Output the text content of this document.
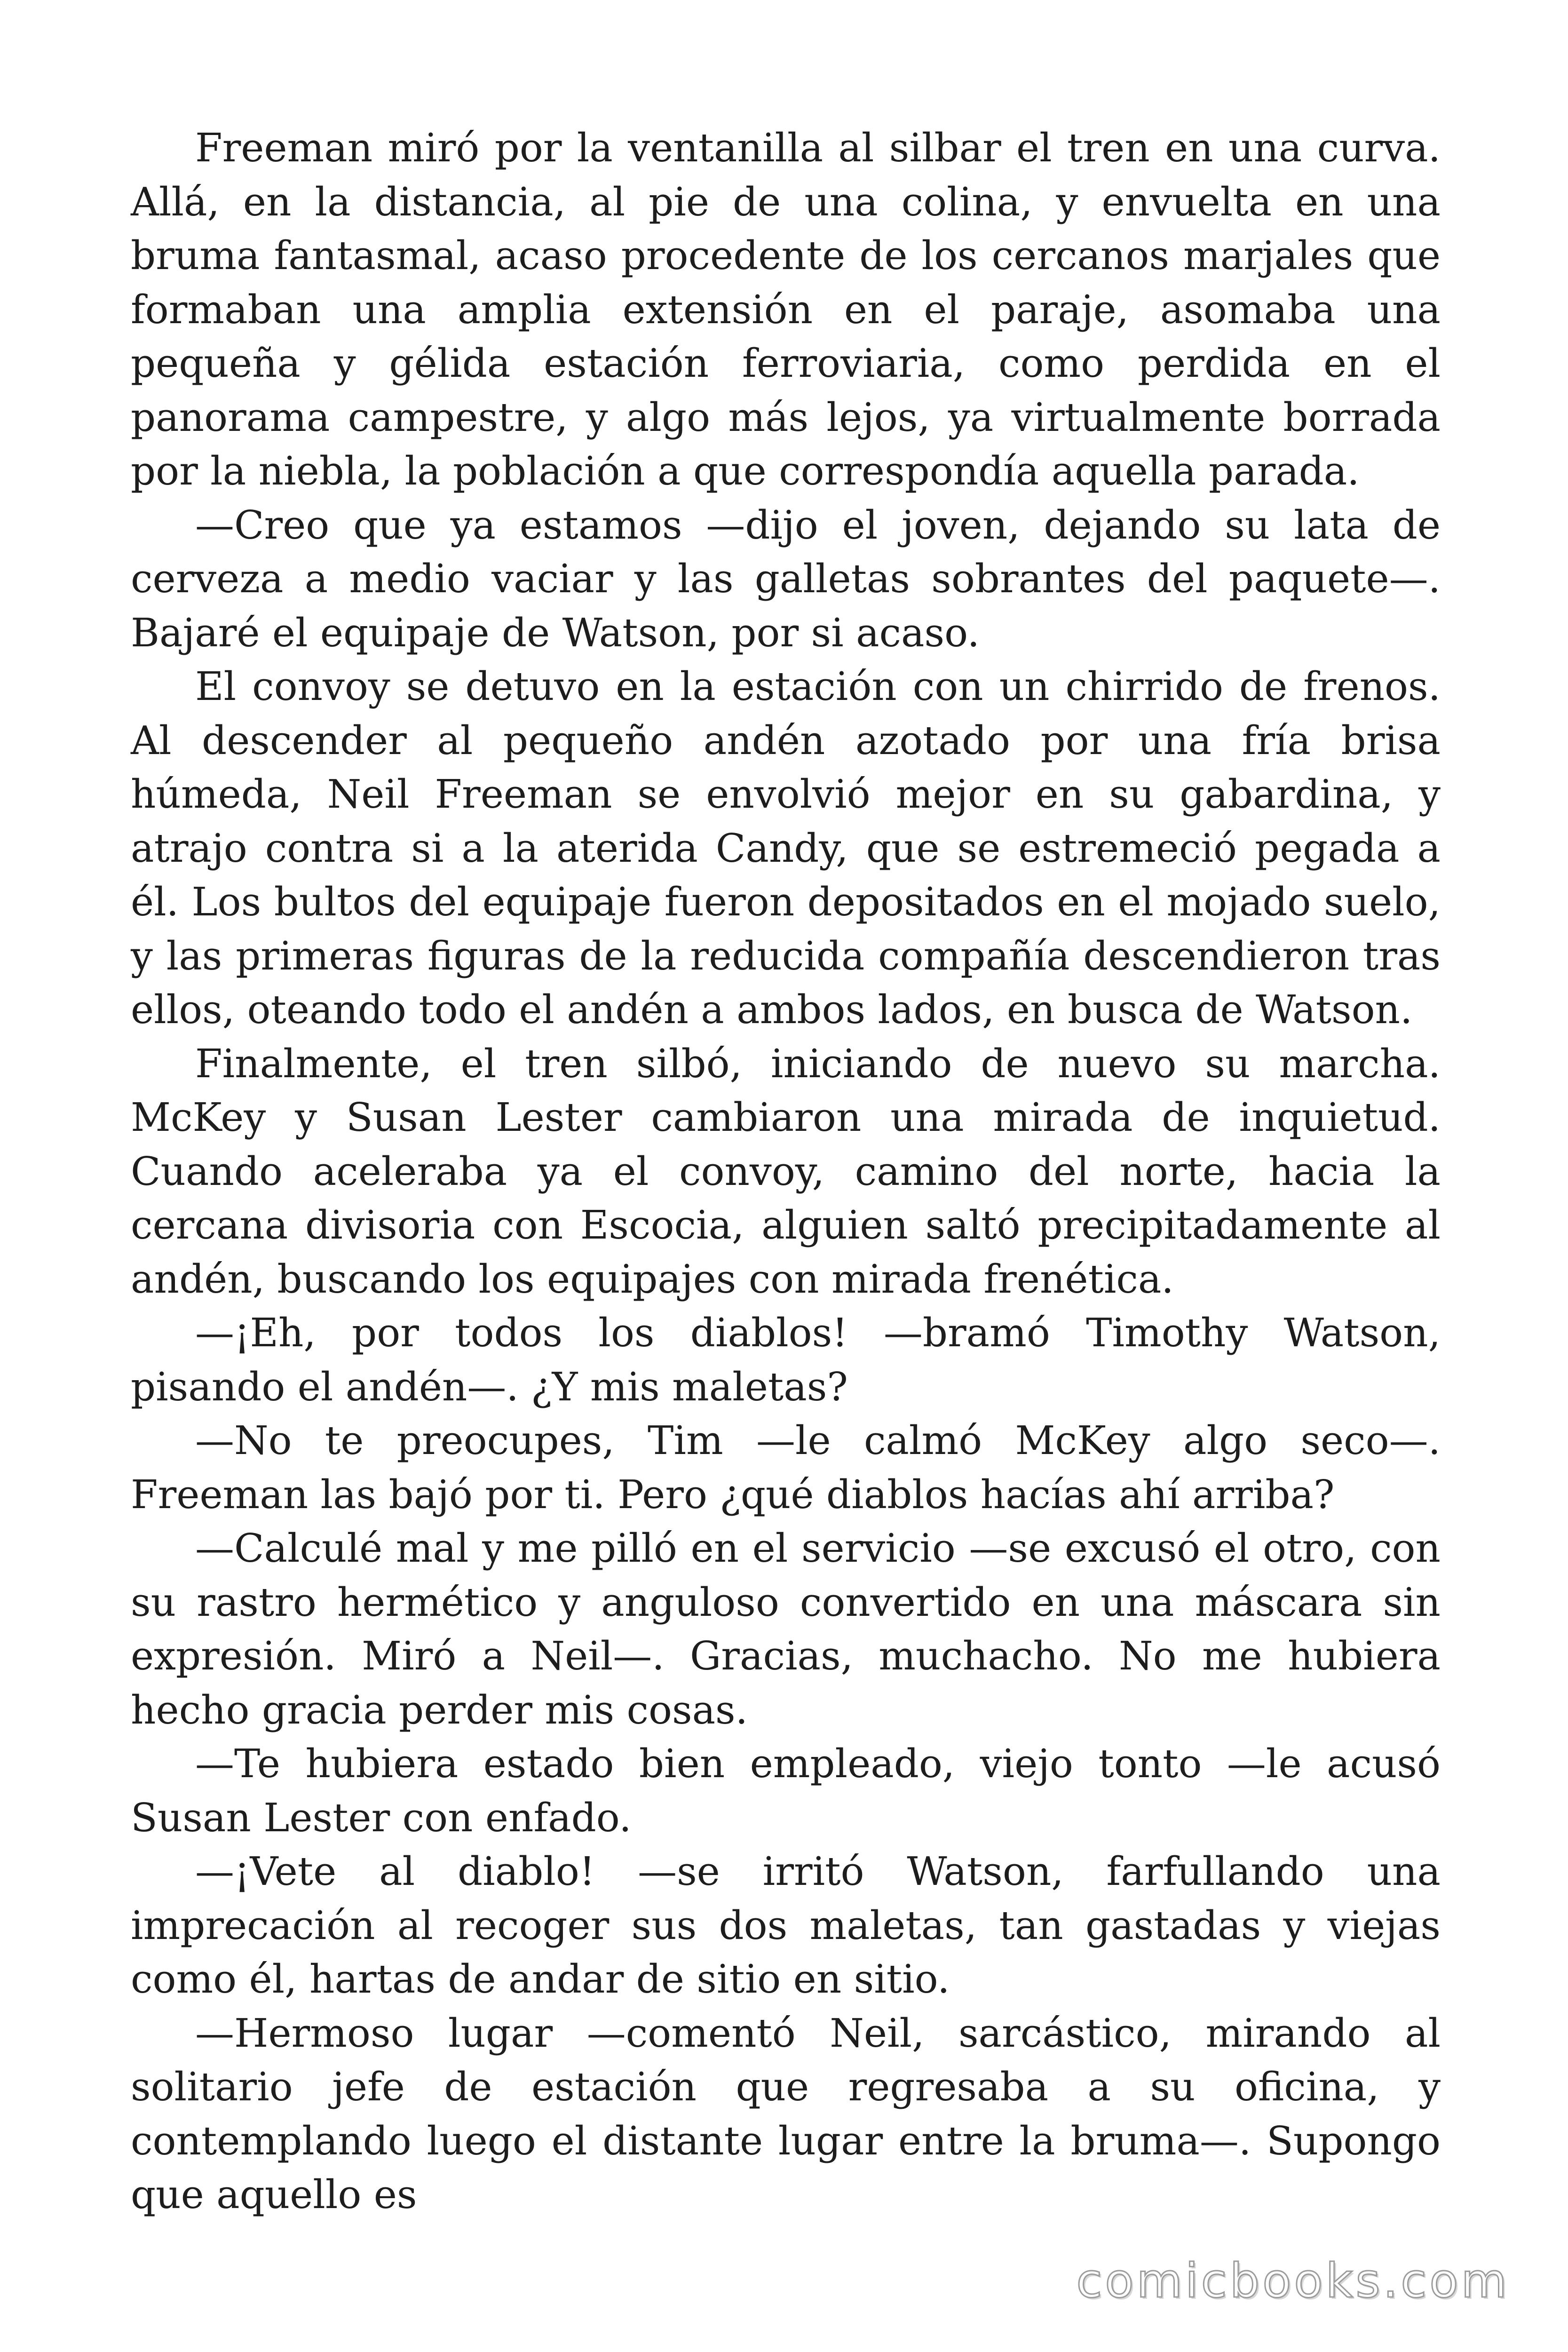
Freeman miró por la ventanilla al silbar el tren en una curva. Allá, en la distancia, al pie de una colina, y envuelta en una bruma fantasmal, acaso procedente de los cercanos marjales que formaban una amplia extensión en el paraje, asomaba una pequeña y gélida estación ferroviaria, como perdida en el panorama campestre, y algo más lejos, ya virtualmente borrada por la niebla, la población a que correspondía aquella parada.

—Creo que ya estamos —dijo el joven, dejando su lata de cerveza a medio vaciar y las galletas sobrantes del paquete—. Bajaré el equipaje de Watson, por si acaso.

El convoy se detuvo en la estación con un chirrido de frenos. Al descender al pequeño andén azotado por una fría brisa húmeda, Neil Freeman se envolvió mejor en su gabardina, y atrajo contra si a la aterida Candy, que se estremeció pegada a él. Los bultos del equipaje fueron depositados en el mojado suelo, y las primeras figuras de la reducida compañía descendieron tras ellos, oteando todo el andén a ambos lados, en busca de Watson.

Finalmente, el tren silbó, iniciando de nuevo su marcha. McKey y Susan Lester cambiaron una mirada de inquietud. Cuando aceleraba ya el convoy, camino del norte, hacia la cercana divisoria con Escocia, alguien saltó precipitadamente al andén, buscando los equipajes con mirada frenética.

—¡Eh, por todos los diablos! —bramó Timothy Watson, pisando el andén—. ¿Y mis maletas?

—No te preocupes, Tim —le calmó McKey algo seco—. Freeman las bajó por ti. Pero ¿qué diablos hacías ahí arriba?

—Calculé mal y me pilló en el servicio —se excusó el otro, con su rastro hermético y anguloso convertido en una máscara sin expresión. Miró a Neil—. Gracias, muchacho. No me hubiera hecho gracia perder mis cosas.

—Te hubiera estado bien empleado, viejo tonto —le acusó Susan Lester con enfado.

—¡Vete al diablo! —se irritó Watson, farfullando una imprecación al recoger sus dos maletas, tan gastadas y viejas como él, hartas de andar de sitio en sitio.

—Hermoso lugar —comentó Neil, sarcástico, mirando al solitario jefe de estación que regresaba a su oficina, y contemplando luego el distante lugar entre la bruma—. Supongo que aquello es

comicbooks.com
